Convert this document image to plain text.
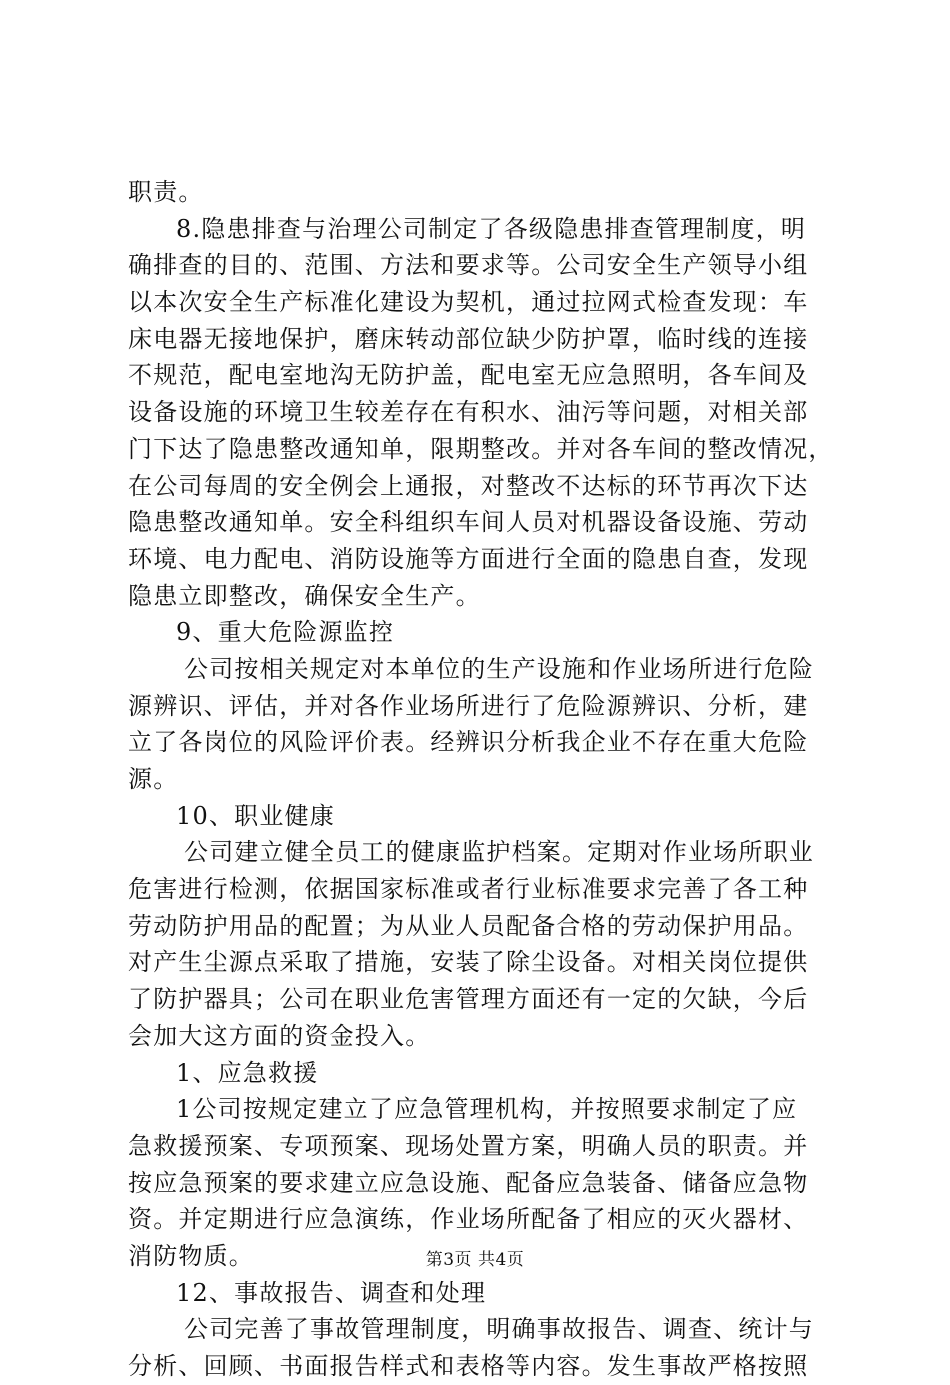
职责。
8.隐患排查与治理公司制定了各级隐患排查管理制度，明
确排查的目的、范围、方法和要求等。公司安全生产领导小组
以本次安全生产标准化建设为契机，通过拉网式检查发现：车
床电器无接地保护，磨床转动部位缺少防护罩，临时线的连接
不规范，配电室地沟无防护盖，配电室无应急照明，各车间及
设备设施的环境卫生较差存在有积水、油污等问题，对相关部
门下达了隐患整改通知单，限期整改。并对各车间的整改情况，
在公司每周的安全例会上通报，对整改不达标的环节再次下达
隐患整改通知单。安全科组织车间人员对机器设备设施、劳动
环境、电力配电、消防设施等方面进行全面的隐患自查，发现
隐患立即整改，确保安全生产。
9、重大危险源监控
公司按相关规定对本单位的生产设施和作业场所进行危险
源辨识、评估，并对各作业场所进行了危险源辨识、分析，建
立了各岗位的风险评价表。经辨识分析我企业不存在重大危险
源。
10、职业健康
公司建立健全员工的健康监护档案。定期对作业场所职业
危害进行检测，依据国家标准或者行业标准要求完善了各工种
劳动防护用品的配置；为从业人员配备合格的劳动保护用品。
对产生尘源点采取了措施，安装了除尘设备。对相关岗位提供
了防护器具；公司在职业危害管理方面还有一定的欠缺，今后
会加大这方面的资金投入。
1、应急救援
1公司按规定建立了应急管理机构，并按照要求制定了应
急救援预案、专项预案、现场处置方案，明确人员的职责。并
按应急预案的要求建立应急设施、配备应急装备、储备应急物
资。并定期进行应急演练，作业场所配备了相应的灭火器材、
消防物质。
12、事故报告、调查和处理
公司完善了事故管理制度，明确事故报告、调查、统计与
分析、回顾、书面报告样式和表格等内容。发生事故严格按照
第3页 共4页
